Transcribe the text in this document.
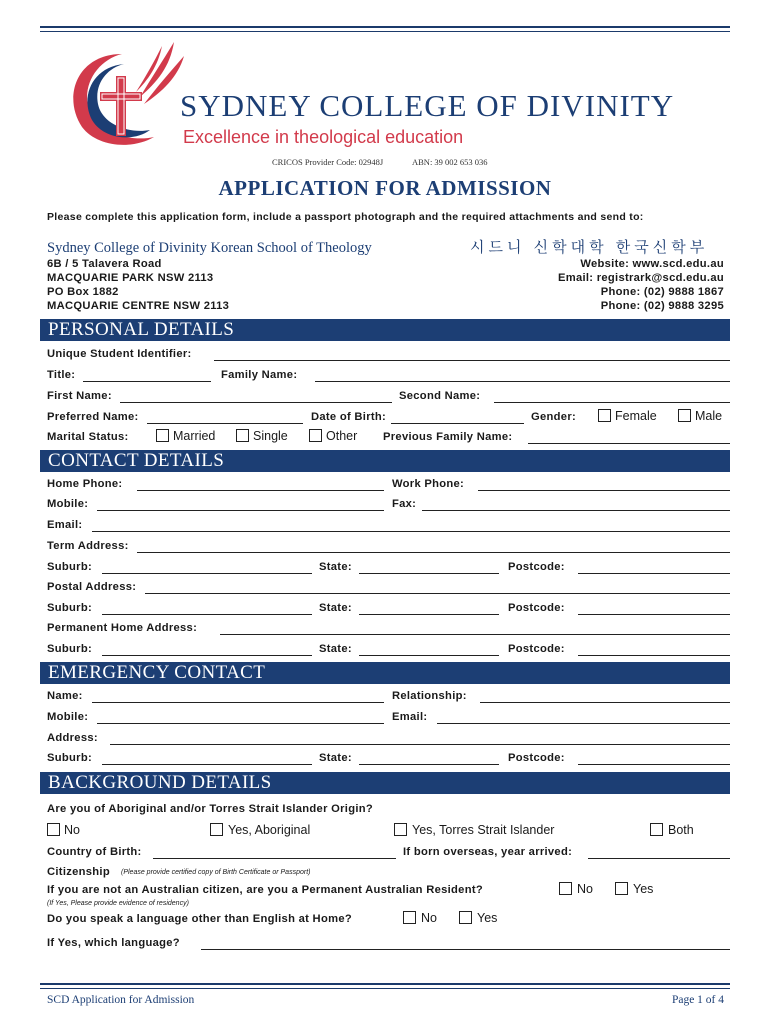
SYDNEY COLLEGE OF DIVINITY
Excellence in theological education
CRICOS Provider Code: 02948J	ABN: 39 002 653 036
APPLICATION FOR ADMISSION
Please complete this application form, include a passport photograph and the required attachments and send to:
Sydney College of Divinity Korean School of Theology	시드니 신학대학 한국신학부
6B / 5 Talavera Road
MACQUARIE PARK NSW 2113
PO Box 1882
MACQUARIE CENTRE NSW 2113
Website: www.scd.edu.au
Email: registrark@scd.edu.au
Phone: (02) 9888 1867
Phone: (02) 9888 3295
PERSONAL DETAILS
Unique Student Identifier:
Title:	Family Name:
First Name:	Second Name:
Preferred Name:	Date of Birth:	Gender:	Female	Male
Marital Status:	Married	Single	Other Previous Family Name:
CONTACT DETAILS
Home Phone:	Work Phone:
Mobile:	Fax:
Email:
Term Address:
Suburb:	State:	Postcode:
Postal Address:
Suburb:	State:	Postcode:
Permanent Home Address:
Suburb:	State:	Postcode:
EMERGENCY CONTACT
Name:	Relationship:
Mobile:	Email:
Address:
Suburb:	State:	Postcode:
BACKGROUND DETAILS
Are you of Aboriginal and/or Torres Strait Islander Origin?
No	Yes, Aboriginal	Yes, Torres Strait Islander	Both
Country of Birth:	If born overseas, year arrived:
Citizenship (Please provide certified copy of Birth Certificate or Passport)
If you are not an Australian citizen, are you a Permanent Australian Resident?	No	Yes
(If Yes, Please provide evidence of residency)
Do you speak a language other than English at Home?	No	Yes
If Yes, which language?
SCD Application for Admission	Page 1 of 4
